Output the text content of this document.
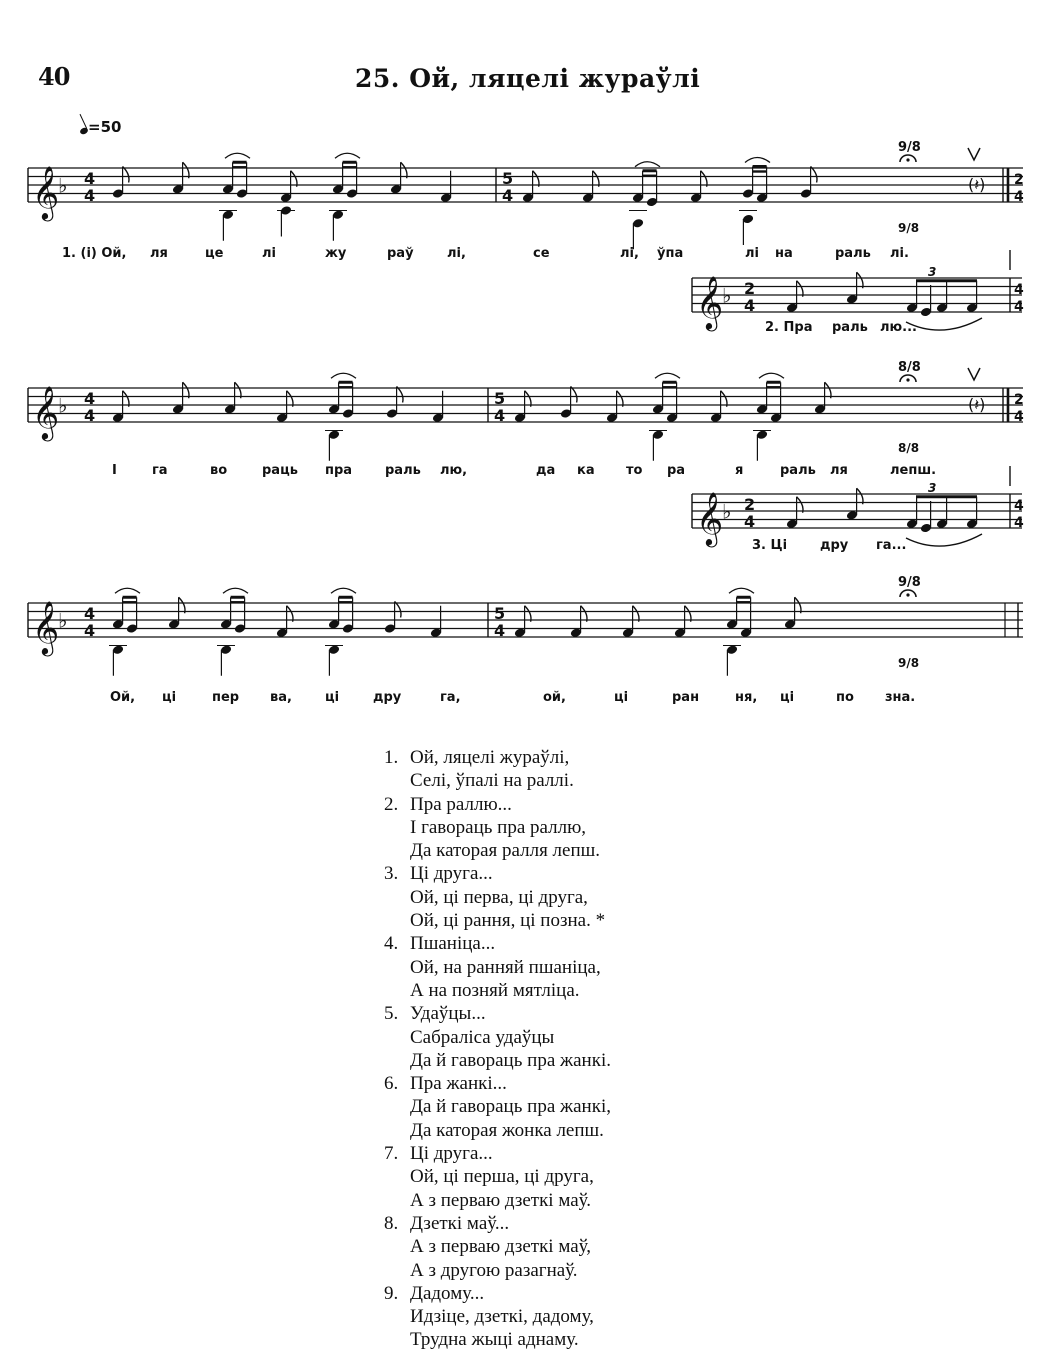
40	25. Ой, ляцелі жураўлі
=50
𝄞
♭ 4
4
5
4
9/8
(𝄽) 2
4
9/8
1. (і) Ой, ля	це	лі	жу	раў	лі,	се	лі, ўпа	лі на	раль лі.
𝄞
♭ 2
4
3
4
4
2. Пра раль лю...
𝄞
♭ 4
4
5
4
8/8
(𝄽) 2
4
8/8
І	га	во	рaць пра	раль лю,	да ка то ра	я	раль ля	лепш.
𝄞
♭ 2
4
3
4
4
3. Ці	дру га...
𝄞
♭ 4
4
5
4
9/8
9/8
Ой, ці	пер ва,	ці	дру	га,	ой,	ці	ран	ня, ці	по зна.
1. Ой, ляцелі жураўлі,
Селі, ўпалі на раллі.
2. Пра раллю...
І гаворaць пра раллю,
Да каторая ралля лепш.
3. Ці друга...
Ой, ці перва, ці друга,
Ой, ці рання, ці позна. *
4. Пшаніца...
Ой, на ранняй пшаніца,
А на позняй мятліца.
5. Удаўцы...
Сабраліса удаўцы
Да й гаворaць пра жанкі.
6. Пра жанкі...
Да й гаворaць пра жанкі,
Да каторая жонка лепш.
7. Ці друга...
Ой, ці перша, ці друга,
А з перваю дзеткі маў.
8. Дзеткі маў...
А з перваю дзеткі маў,
А з другою разагнаў.
9. Дадому...
Идзіце, дзеткі, дадому,
Трудна жыці аднаму.
